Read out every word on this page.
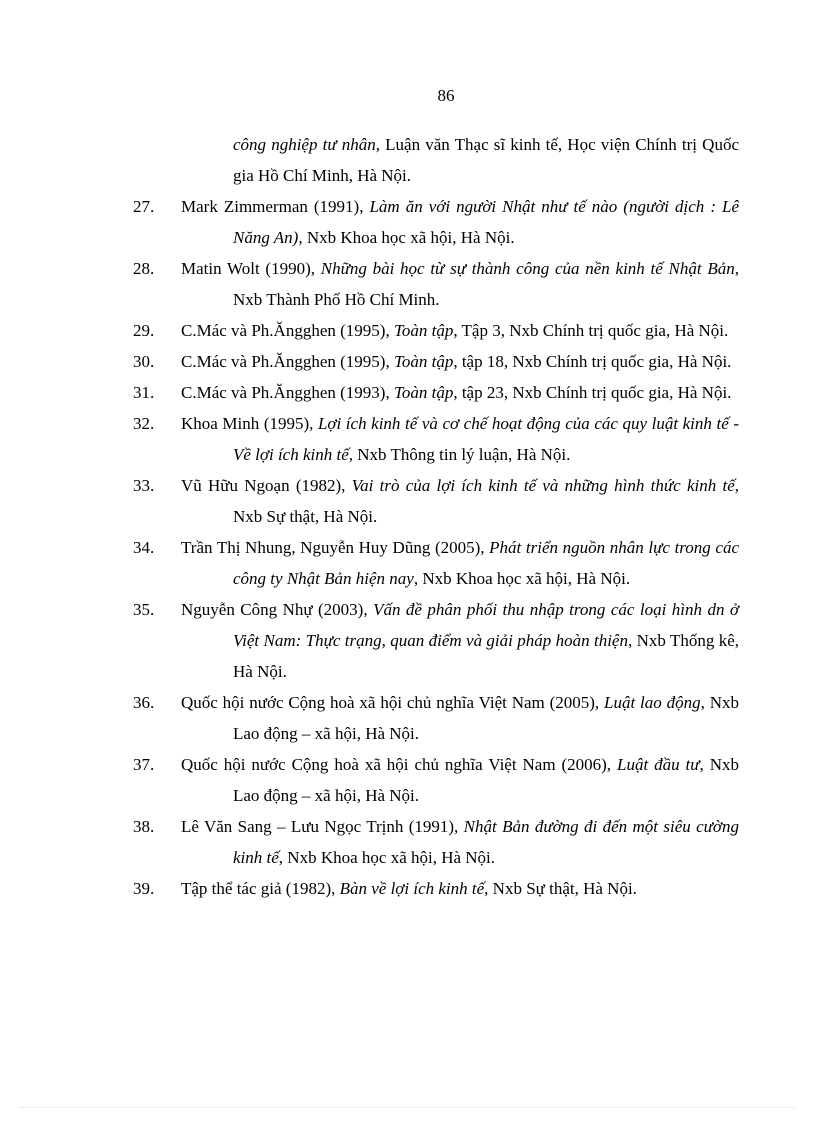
86
công nghiệp tư nhân, Luận văn Thạc sĩ kinh tế, Học viện Chính trị Quốc gia Hồ Chí Minh, Hà Nội.
27. Mark Zimmerman (1991), Làm ăn với người Nhật như tế nào (người dịch : Lê Năng An), Nxb Khoa học xã hội, Hà Nội.
28. Matin Wolt (1990), Những bài học từ sự thành công của nền kinh tế Nhật Bản, Nxb Thành Phố Hồ Chí Minh.
29. C.Mác và Ph.Ăngghen (1995), Toàn tập, Tập 3, Nxb Chính trị quốc gia, Hà Nội.
30. C.Mác và Ph.Ăngghen (1995), Toàn tập, tập 18, Nxb Chính trị quốc gia, Hà Nội.
31. C.Mác và Ph.Ăngghen (1993), Toàn tập, tập 23, Nxb Chính trị quốc gia, Hà Nội.
32. Khoa Minh (1995), Lợi ích kinh tế và cơ chế hoạt động của các quy luật kinh tế - Về lợi ích kinh tế, Nxb Thông tin lý luận, Hà Nội.
33. Vũ Hữu Ngoạn (1982), Vai trò của lợi ích kinh tế và những hình thức kinh tế, Nxb Sự thật, Hà Nội.
34. Trần Thị Nhung, Nguyễn Huy Dũng (2005), Phát triển nguồn nhân lực trong các công ty Nhật Bản hiện nay, Nxb Khoa học xã hội, Hà Nội.
35. Nguyễn Công Nhự (2003), Vấn đề phân phối thu nhập trong các loại hình dn ở Việt Nam: Thực trạng, quan điểm và giải pháp hoàn thiện, Nxb Thống kê, Hà Nội.
36. Quốc hội nước Cộng hoà xã hội chủ nghĩa Việt Nam (2005), Luật lao động, Nxb Lao động – xã hội, Hà Nội.
37. Quốc hội nước Cộng hoà xã hội chủ nghĩa Việt Nam (2006), Luật đầu tư, Nxb Lao động – xã hội, Hà Nội.
38. Lê Văn Sang – Lưu Ngọc Trịnh (1991), Nhật Bản đường đi đến một siêu cường kinh tế, Nxb Khoa học xã hội, Hà Nội.
39. Tập thể tác giả (1982), Bàn về lợi ích kinh tế, Nxb Sự thật, Hà Nội.
